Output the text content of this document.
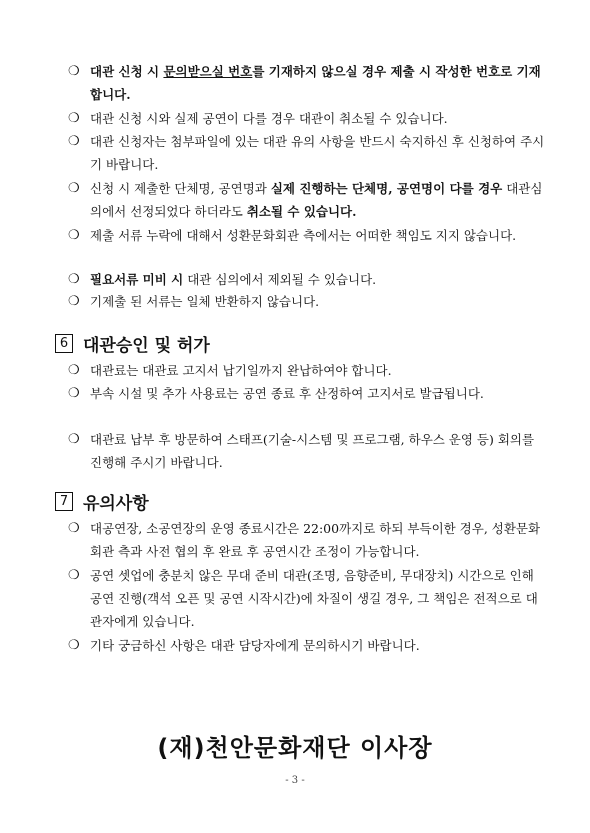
❍ 대관 신청 시 문의받으실 번호를 기재하지 않으실 경우 제출 시 작성한 번호로 기재합니다.
❍ 대관 신청 시와 실제 공연이 다를 경우 대관이 취소될 수 있습니다.
❍ 대관 신청자는 첨부파일에 있는 대관 유의 사항을 반드시 숙지하신 후 신청하여 주시기 바랍니다.
❍ 신청 시 제출한 단체명, 공연명과 실제 진행하는 단체명, 공연명이 다를 경우 대관심의에서 선정되었다 하더라도 취소될 수 있습니다.
❍ 제출 서류 누락에 대해서 성환문화회관 측에서는 어떠한 책임도 지지 않습니다.
❍ 필요서류 미비 시 대관 심의에서 제외될 수 있습니다.
❍ 기제출 된 서류는 일체 반환하지 않습니다.
6 대관승인 및 허가
❍ 대관료는 대관료 고지서 납기일까지 완납하여야 합니다.
❍ 부속 시설 및 추가 사용료는 공연 종료 후 산정하여 고지서로 발급됩니다.
❍ 대관료 납부 후 방문하여 스태프(기술-시스템 및 프로그램, 하우스 운영 등) 회의를 진행해 주시기 바랍니다.
7 유의사항
❍ 대공연장, 소공연장의 운영 종료시간은 22:00까지로 하되 부득이한 경우, 성환문화회관 측과 사전 협의 후 완료 후 공연시간 조정이 가능합니다.
❍ 공연 셋업에 충분치 않은 무대 준비 대관(조명, 음향준비, 무대장치) 시간으로 인해 공연 진행(객석 오픈 및 공연 시작시간)에 차질이 생길 경우, 그 책임은 전적으로 대관자에게 있습니다.
❍ 기타 궁금하신 사항은 대관 담당자에게 문의하시기 바랍니다.
(재)천안문화재단 이사장
- 3 -
